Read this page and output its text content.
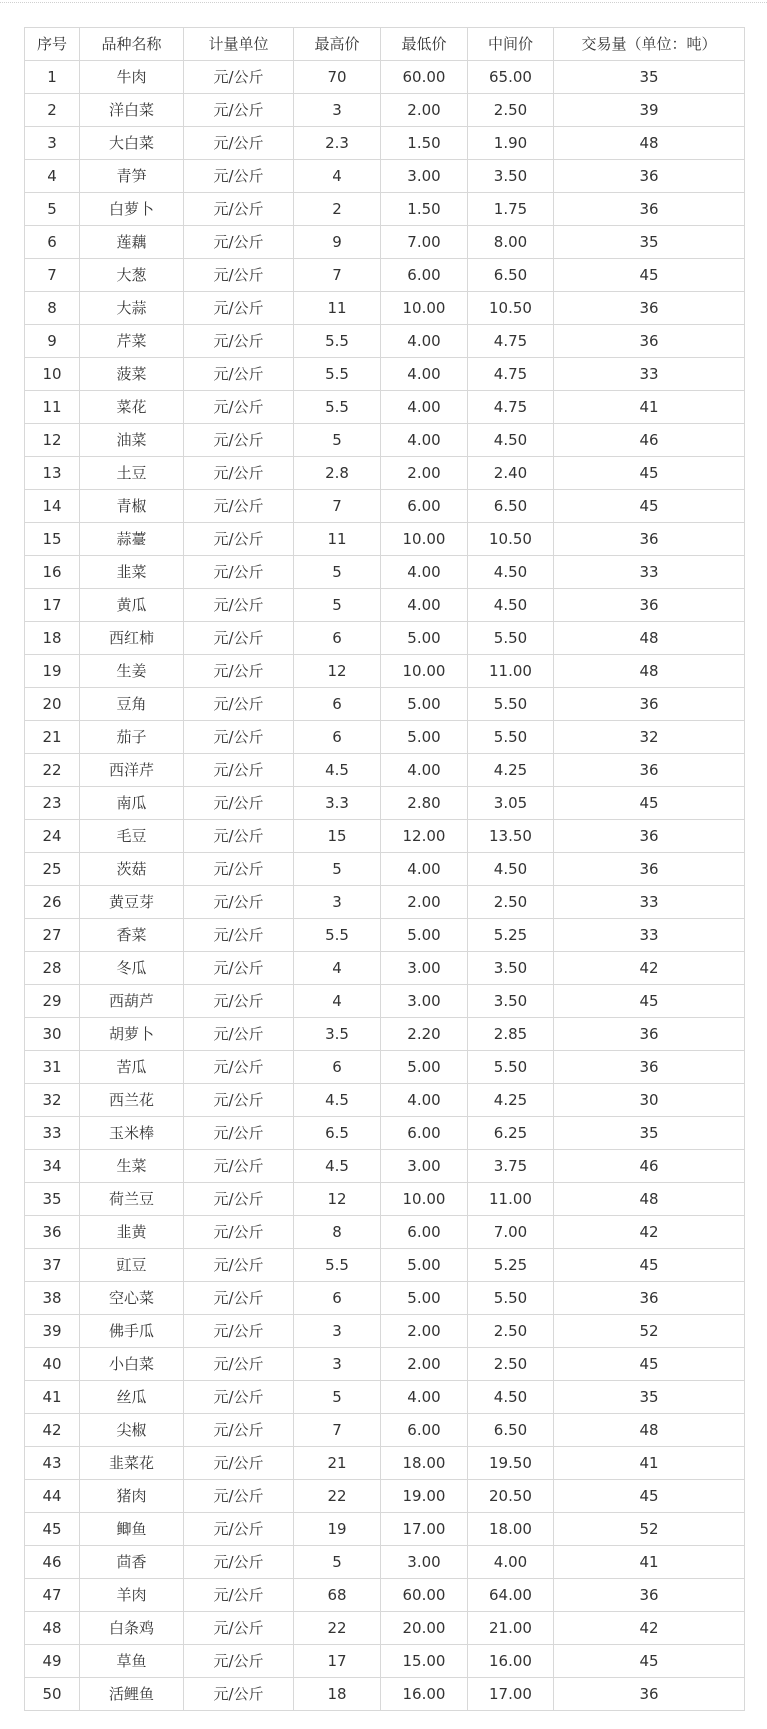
序号	品种名称	计量单位	最高价	最低价	中间价	交易量（单位：吨）
1	牛肉	元/公斤	70	60.00	65.00	35
2	洋白菜	元/公斤	3	2.00	2.50	39
3	大白菜	元/公斤	2.3	1.50	1.90	48
4	青笋	元/公斤	4	3.00	3.50	36
5	白萝卜	元/公斤	2	1.50	1.75	36
6	莲藕	元/公斤	9	7.00	8.00	35
7	大葱	元/公斤	7	6.00	6.50	45
8	大蒜	元/公斤	11	10.00	10.50	36
9	芹菜	元/公斤	5.5	4.00	4.75	36
10	菠菜	元/公斤	5.5	4.00	4.75	33
11	菜花	元/公斤	5.5	4.00	4.75	41
12	油菜	元/公斤	5	4.00	4.50	46
13	土豆	元/公斤	2.8	2.00	2.40	45
14	青椒	元/公斤	7	6.00	6.50	45
15	蒜薹	元/公斤	11	10.00	10.50	36
16	韭菜	元/公斤	5	4.00	4.50	33
17	黄瓜	元/公斤	5	4.00	4.50	36
18	西红柿	元/公斤	6	5.00	5.50	48
19	生姜	元/公斤	12	10.00	11.00	48
20	豆角	元/公斤	6	5.00	5.50	36
21	茄子	元/公斤	6	5.00	5.50	32
22	西洋芹	元/公斤	4.5	4.00	4.25	36
23	南瓜	元/公斤	3.3	2.80	3.05	45
24	毛豆	元/公斤	15	12.00	13.50	36
25	茨菇	元/公斤	5	4.00	4.50	36
26	黄豆芽	元/公斤	3	2.00	2.50	33
27	香菜	元/公斤	5.5	5.00	5.25	33
28	冬瓜	元/公斤	4	3.00	3.50	42
29	西葫芦	元/公斤	4	3.00	3.50	45
30	胡萝卜	元/公斤	3.5	2.20	2.85	36
31	苦瓜	元/公斤	6	5.00	5.50	36
32	西兰花	元/公斤	4.5	4.00	4.25	30
33	玉米棒	元/公斤	6.5	6.00	6.25	35
34	生菜	元/公斤	4.5	3.00	3.75	46
35	荷兰豆	元/公斤	12	10.00	11.00	48
36	韭黄	元/公斤	8	6.00	7.00	42
37	豇豆	元/公斤	5.5	5.00	5.25	45
38	空心菜	元/公斤	6	5.00	5.50	36
39	佛手瓜	元/公斤	3	2.00	2.50	52
40	小白菜	元/公斤	3	2.00	2.50	45
41	丝瓜	元/公斤	5	4.00	4.50	35
42	尖椒	元/公斤	7	6.00	6.50	48
43	韭菜花	元/公斤	21	18.00	19.50	41
44	猪肉	元/公斤	22	19.00	20.50	45
45	鲫鱼	元/公斤	19	17.00	18.00	52
46	茴香	元/公斤	5	3.00	4.00	41
47	羊肉	元/公斤	68	60.00	64.00	36
48	白条鸡	元/公斤	22	20.00	21.00	42
49	草鱼	元/公斤	17	15.00	16.00	45
50	活鲤鱼	元/公斤	18	16.00	17.00	36
